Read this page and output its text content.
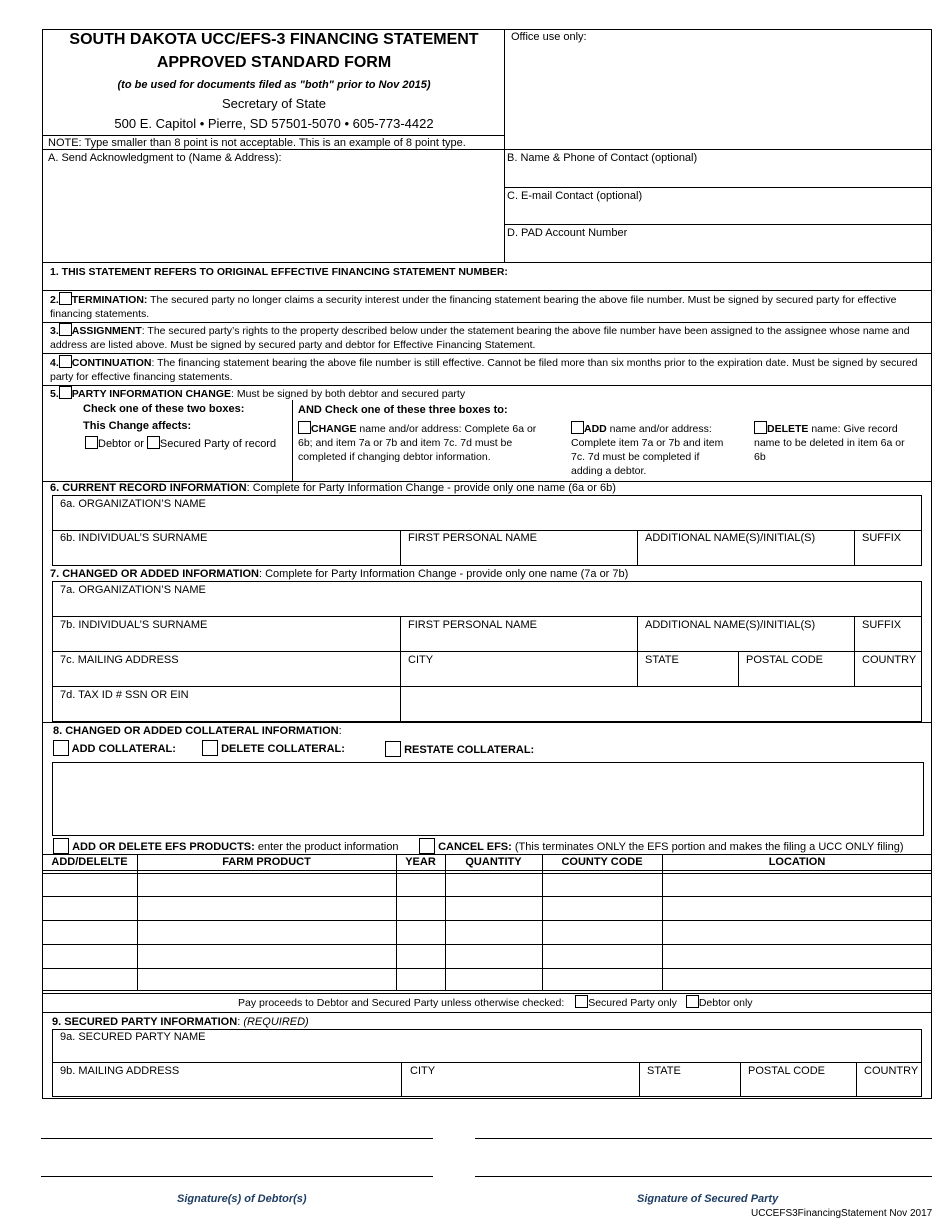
SOUTH DAKOTA UCC/EFS-3 FINANCING STATEMENT
APPROVED STANDARD FORM
(to be used for documents filed as "both" prior to Nov 2015)
Secretary of State
500 E. Capitol • Pierre, SD 57501-5070 • 605-773-4422
Office use only:
NOTE: Type smaller than 8 point is not acceptable. This is an example of 8 point type.
A. Send Acknowledgment to (Name & Address):	B. Name & Phone of Contact (optional)
C. E-mail Contact (optional)
D. PAD Account Number
1. THIS STATEMENT REFERS TO ORIGINAL EFFECTIVE FINANCING STATEMENT NUMBER:
2. TERMINATION: The secured party no longer claims a security interest under the financing statement bearing the above file number. Must be signed by secured party for effective financing statements.
3. ASSIGNMENT: The secured party’s rights to the property described below under the statement bearing the above file number have been assigned to the assignee whose name and address are listed above. Must be signed by secured party and debtor for Effective Financing Statement.
4. CONTINUATION: The financing statement bearing the above file number is still effective. Cannot be filed more than six months prior to the expiration date. Must be signed by secured party for effective financing statements.
5. PARTY INFORMATION CHANGE: Must be signed by both debtor and secured party
Check one of these two boxes:	AND Check one of these three boxes to:
This Change affects:
Debtor or Secured Party of record
CHANGE name and/or address: Complete 6a or 6b; and item 7a or 7b and item 7c. 7d must be completed if changing debtor information.
ADD name and/or address: Complete item 7a or 7b and item 7c. 7d must be completed if adding a debtor.
DELETE name: Give record name to be deleted in item 6a or 6b
6. CURRENT RECORD INFORMATION: Complete for Party Information Change - provide only one name (6a or 6b)
6a. ORGANIZATION’S NAME
6b. INDIVIDUAL’S SURNAME	FIRST PERSONAL NAME	ADDITIONAL NAME(S)/INITIAL(S)	SUFFIX
7. CHANGED OR ADDED INFORMATION: Complete for Party Information Change - provide only one name (7a or 7b)
7a. ORGANIZATION’S NAME
7b. INDIVIDUAL’S SURNAME	FIRST PERSONAL NAME	ADDITIONAL NAME(S)/INITIAL(S)	SUFFIX
7c. MAILING ADDRESS	CITY	STATE	POSTAL CODE	COUNTRY
7d. TAX ID # SSN OR EIN
8. CHANGED OR ADDED COLLATERAL INFORMATION:
ADD COLLATERAL:	DELETE COLLATERAL:	RESTATE COLLATERAL:
ADD OR DELETE EFS PRODUCTS: enter the product information	CANCEL EFS: (This terminates ONLY the EFS portion and makes the filing a UCC ONLY filing)
ADD/DELELTE	FARM PRODUCT	YEAR	QUANTITY	COUNTY CODE	LOCATION
Pay proceeds to Debtor and Secured Party unless otherwise checked: Secured Party only Debtor only
9. SECURED PARTY INFORMATION: (REQUIRED)
9a. SECURED PARTY NAME
9b. MAILING ADDRESS	CITY	STATE	POSTAL CODE	COUNTRY
Signature(s) of Debtor(s)	Signature of Secured Party
UCCEFS3FinancingStatement Nov 2017
